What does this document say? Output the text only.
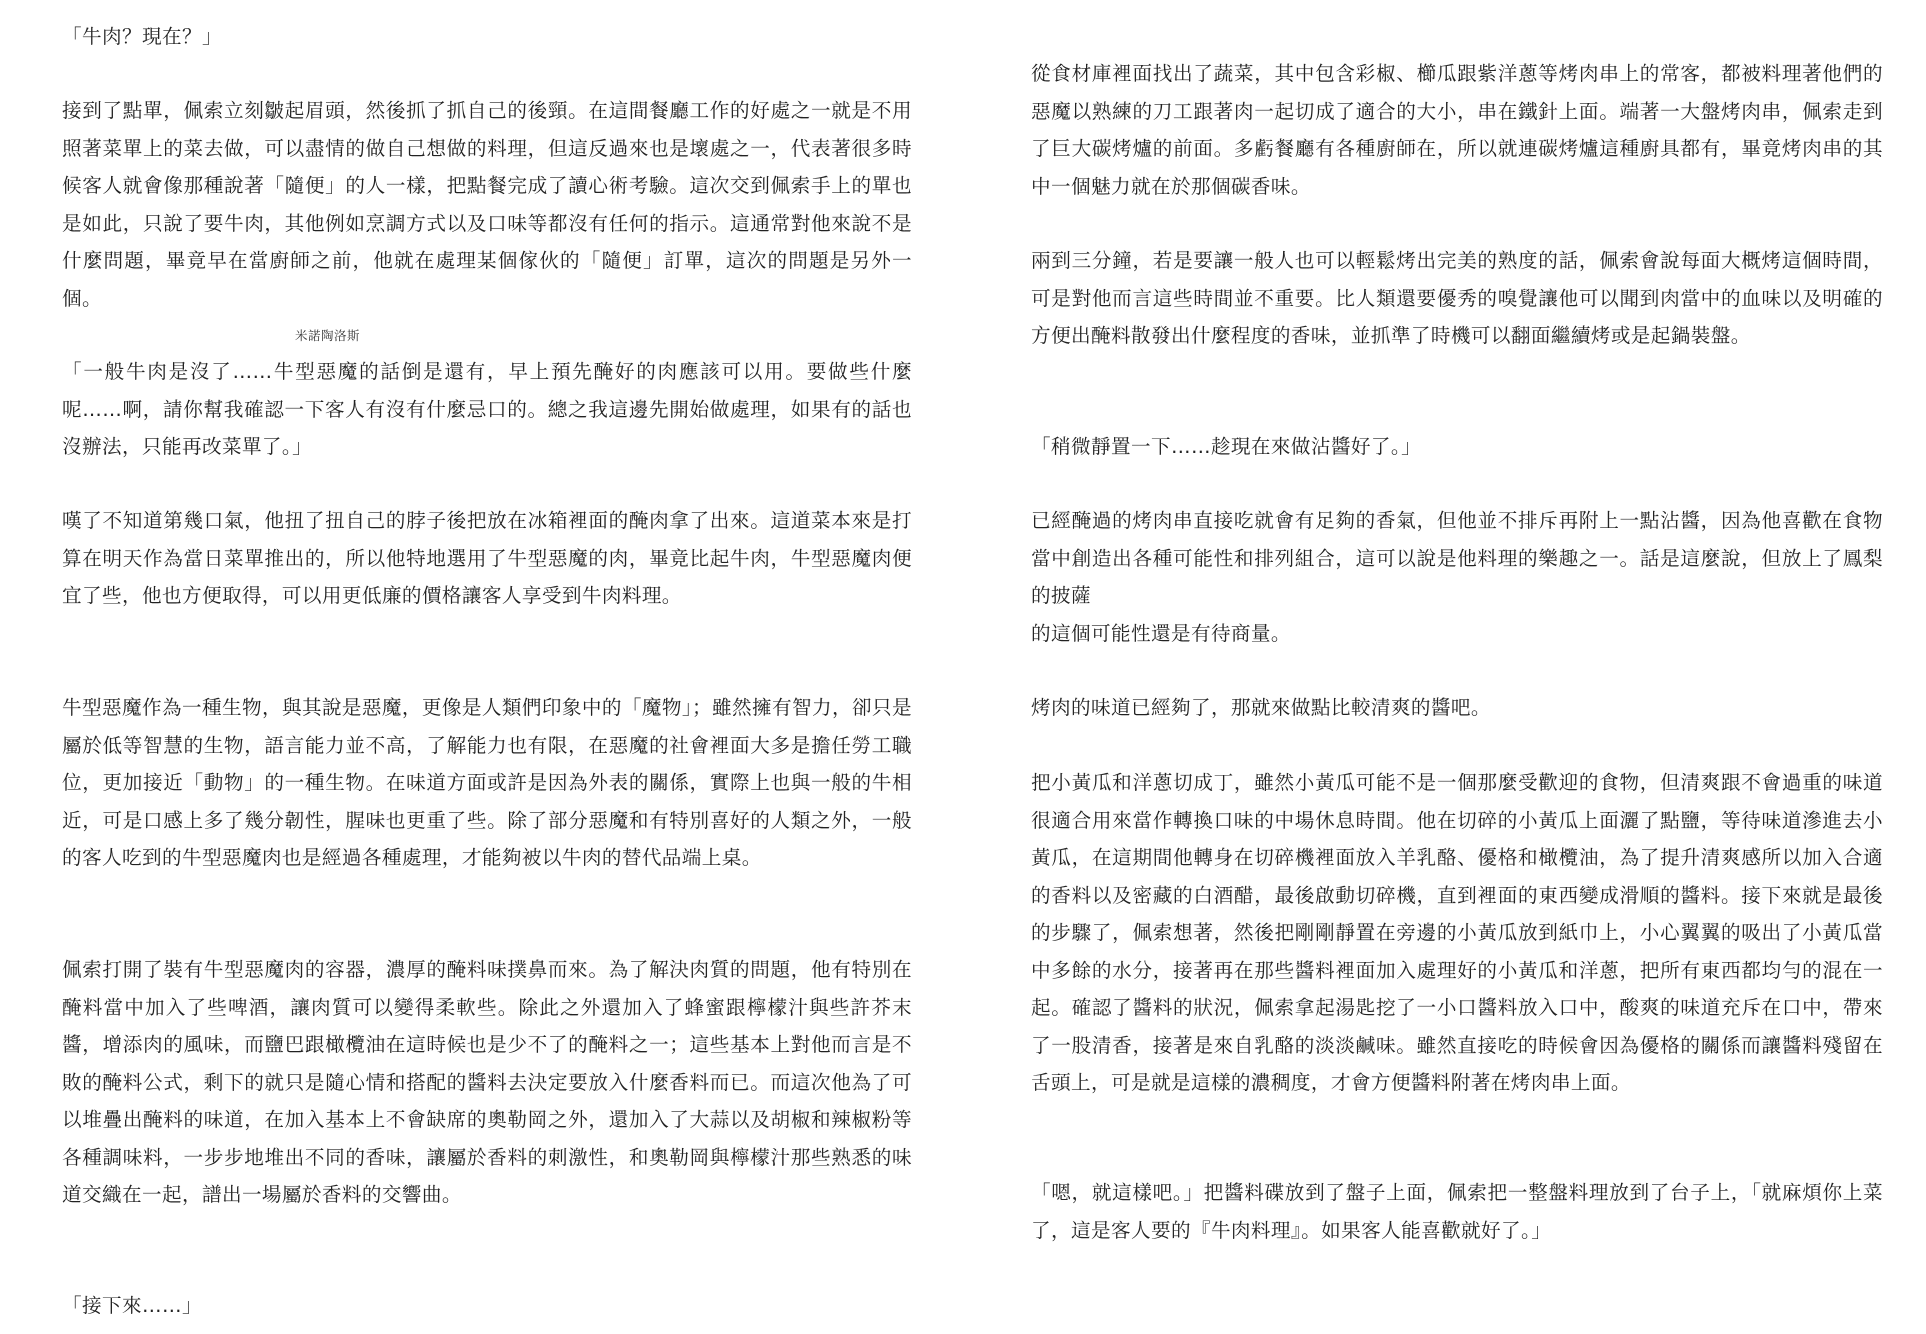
「牛肉？現在？」

接到了點單，佩索立刻皺起眉頭，然後抓了抓自己的後頸。在這間餐廳工作的好處之一就是不用照著菜單上的菜去做，可以盡情的做自己想做的料理，但這反過來也是壞處之一，代表著很多時候客人就會像那種說著「隨便」的人一樣，把點餐完成了讀心術考驗。這次交到佩索手上的單也是如此，只說了要牛肉，其他例如烹調方式以及口味等都沒有任何的指示。這通常對他來說不是什麼問題，畢竟早在當廚師之前，他就在處理某個傢伙的「隨便」訂單，這次的問題是另外一個。

米諾陶洛斯

「一般牛肉是沒了……牛型惡魔的話倒是還有，早上預先醃好的肉應該可以用。要做些什麼呢……啊，請你幫我確認一下客人有沒有什麼忌口的。總之我這邊先開始做處理，如果有的話也沒辦法，只能再改菜單了。」

嘆了不知道第幾口氣，他扭了扭自己的脖子後把放在冰箱裡面的醃肉拿了出來。這道菜本來是打算在明天作為當日菜單推出的，所以他特地選用了牛型惡魔的肉，畢竟比起牛肉，牛型惡魔肉便宜了些，他也方便取得，可以用更低廉的價格讓客人享受到牛肉料理。

牛型惡魔作為一種生物，與其說是惡魔，更像是人類們印象中的「魔物」；雖然擁有智力，卻只是屬於低等智慧的生物，語言能力並不高，了解能力也有限，在惡魔的社會裡面大多是擔任勞工職位，更加接近「動物」的一種生物。在味道方面或許是因為外表的關係，實際上也與一般的牛相近，可是口感上多了幾分韌性，腥味也更重了些。除了部分惡魔和有特別喜好的人類之外，一般的客人吃到的牛型惡魔肉也是經過各種處理，才能夠被以牛肉的替代品端上桌。

佩索打開了裝有牛型惡魔肉的容器，濃厚的醃料味撲鼻而來。為了解決肉質的問題，他有特別在醃料當中加入了些啤酒，讓肉質可以變得柔軟些。除此之外還加入了蜂蜜跟檸檬汁與些許芥末醬，增添肉的風味，而鹽巴跟橄欖油在這時候也是少不了的醃料之一；這些基本上對他而言是不敗的醃料公式，剩下的就只是隨心情和搭配的醬料去決定要放入什麼香料而已。而這次他為了可以堆疊出醃料的味道，在加入基本上不會缺席的奧勒岡之外，還加入了大蒜以及胡椒和辣椒粉等各種調味料，一步步地堆出不同的香味，讓屬於香料的刺激性，和奧勒岡與檸檬汁那些熟悉的味道交織在一起，譜出一場屬於香料的交響曲。

「接下來……」

從食材庫裡面找出了蔬菜，其中包含彩椒、櫛瓜跟紫洋蔥等烤肉串上的常客，都被料理著他們的惡魔以熟練的刀工跟著肉一起切成了適合的大小，串在鐵針上面。端著一大盤烤肉串，佩索走到了巨大碳烤爐的前面。多虧餐廳有各種廚師在，所以就連碳烤爐這種廚具都有，畢竟烤肉串的其中一個魅力就在於那個碳香味。

兩到三分鐘，若是要讓一般人也可以輕鬆烤出完美的熟度的話，佩索會說每面大概烤這個時間，可是對他而言這些時間並不重要。比人類還要優秀的嗅覺讓他可以聞到肉當中的血味以及明確的方便出醃料散發出什麼程度的香味，並抓準了時機可以翻面繼續烤或是起鍋裝盤。

「稍微靜置一下……趁現在來做沾醬好了。」

已經醃過的烤肉串直接吃就會有足夠的香氣，但他並不排斥再附上一點沾醬，因為他喜歡在食物當中創造出各種可能性和排列組合，這可以說是他料理的樂趣之一。話是這麼說，但放上了鳳梨的披薩

的這個可能性還是有待商量。

烤肉的味道已經夠了，那就來做點比較清爽的醬吧。

把小黃瓜和洋蔥切成丁，雖然小黃瓜可能不是一個那麼受歡迎的食物，但清爽跟不會過重的味道很適合用來當作轉換口味的中場休息時間。他在切碎的小黃瓜上面灑了點鹽，等待味道滲進去小黃瓜，在這期間他轉身在切碎機裡面放入羊乳酪、優格和橄欖油，為了提升清爽感所以加入合適的香料以及密藏的白酒醋，最後啟動切碎機，直到裡面的東西變成滑順的醬料。接下來就是最後的步驟了，佩索想著，然後把剛剛靜置在旁邊的小黃瓜放到紙巾上，小心翼翼的吸出了小黃瓜當中多餘的水分，接著再在那些醬料裡面加入處理好的小黃瓜和洋蔥，把所有東西都均勻的混在一起。確認了醬料的狀況，佩索拿起湯匙挖了一小口醬料放入口中，酸爽的味道充斥在口中，帶來了一股清香，接著是來自乳酪的淡淡鹹味。雖然直接吃的時候會因為優格的關係而讓醬料殘留在舌頭上，可是就是這樣的濃稠度，才會方便醬料附著在烤肉串上面。

「嗯，就這樣吧。」把醬料碟放到了盤子上面，佩索把一整盤料理放到了台子上，「就麻煩你上菜了，這是客人要的『牛肉料理』。如果客人能喜歡就好了。」
